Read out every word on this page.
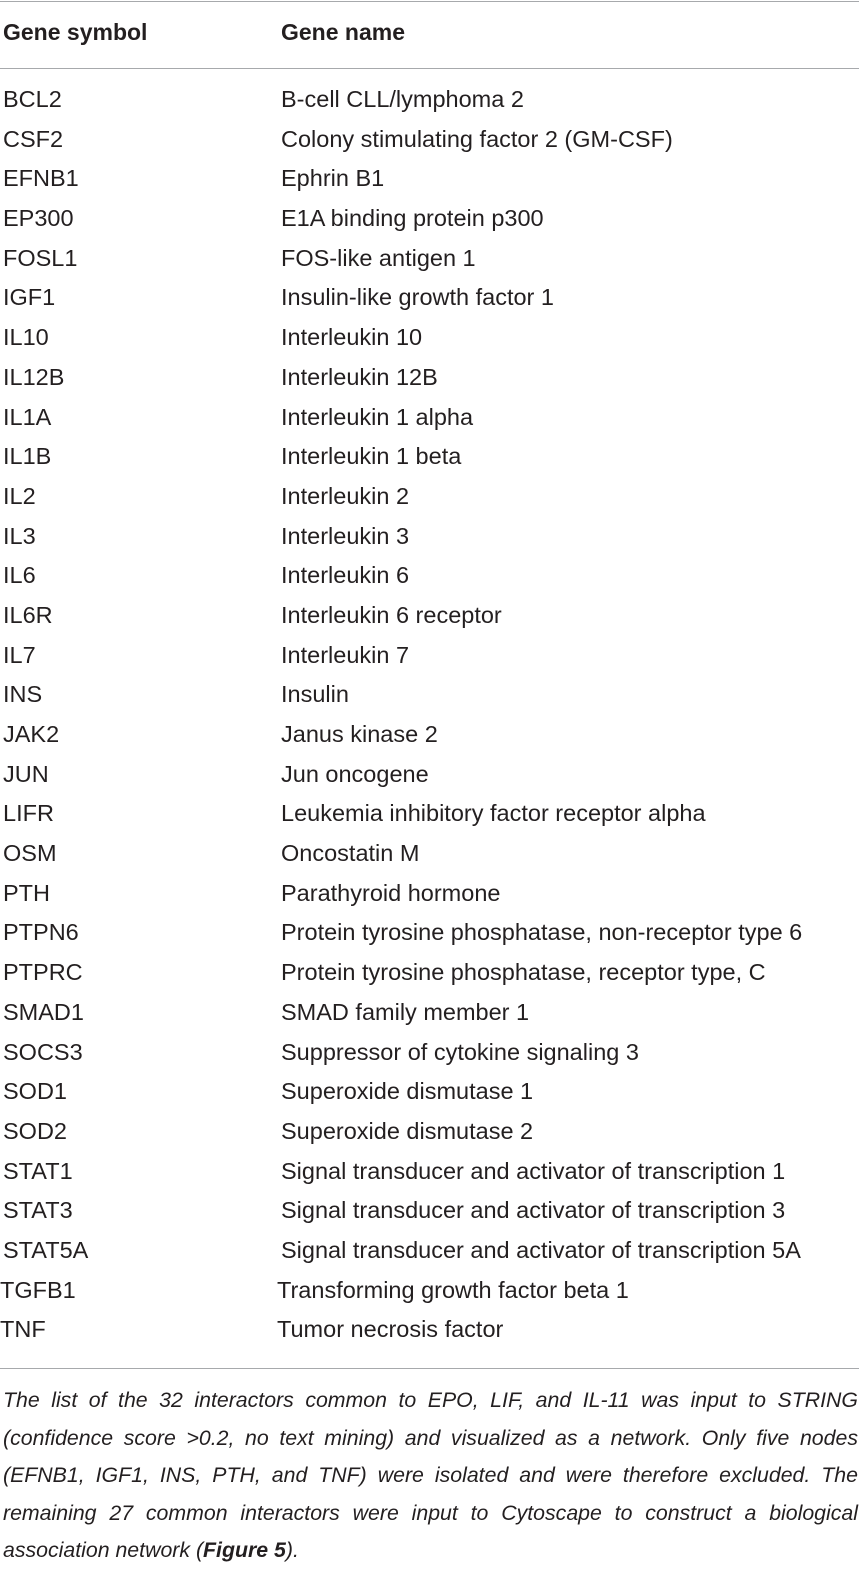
Gene symbol	Gene name
BCL2	B-cell CLL/lymphoma 2
CSF2	Colony stimulating factor 2 (GM-CSF)
EFNB1	Ephrin B1
EP300	E1A binding protein p300
FOSL1	FOS-like antigen 1
IGF1	Insulin-like growth factor 1
IL10	Interleukin 10
IL12B	Interleukin 12B
IL1A	Interleukin 1 alpha
IL1B	Interleukin 1 beta
IL2	Interleukin 2
IL3	Interleukin 3
IL6	Interleukin 6
IL6R	Interleukin 6 receptor
IL7	Interleukin 7
INS	Insulin
JAK2	Janus kinase 2
JUN	Jun oncogene
LIFR	Leukemia inhibitory factor receptor alpha
OSM	Oncostatin M
PTH	Parathyroid hormone
PTPN6	Protein tyrosine phosphatase, non-receptor type 6
PTPRC	Protein tyrosine phosphatase, receptor type, C
SMAD1	SMAD family member 1
SOCS3	Suppressor of cytokine signaling 3
SOD1	Superoxide dismutase 1
SOD2	Superoxide dismutase 2
STAT1	Signal transducer and activator of transcription 1
STAT3	Signal transducer and activator of transcription 3
STAT5A	Signal transducer and activator of transcription 5A
TGFB1	Transforming growth factor beta 1
TNF	Tumor necrosis factor

The list of the 32 interactors common to EPO, LIF, and IL-11 was input to STRING (confidence score >0.2, no text mining) and visualized as a network. Only five nodes (EFNB1, IGF1, INS, PTH, and TNF) were isolated and were therefore excluded. The remaining 27 common interactors were input to Cytoscape to construct a biological association network (Figure 5).
